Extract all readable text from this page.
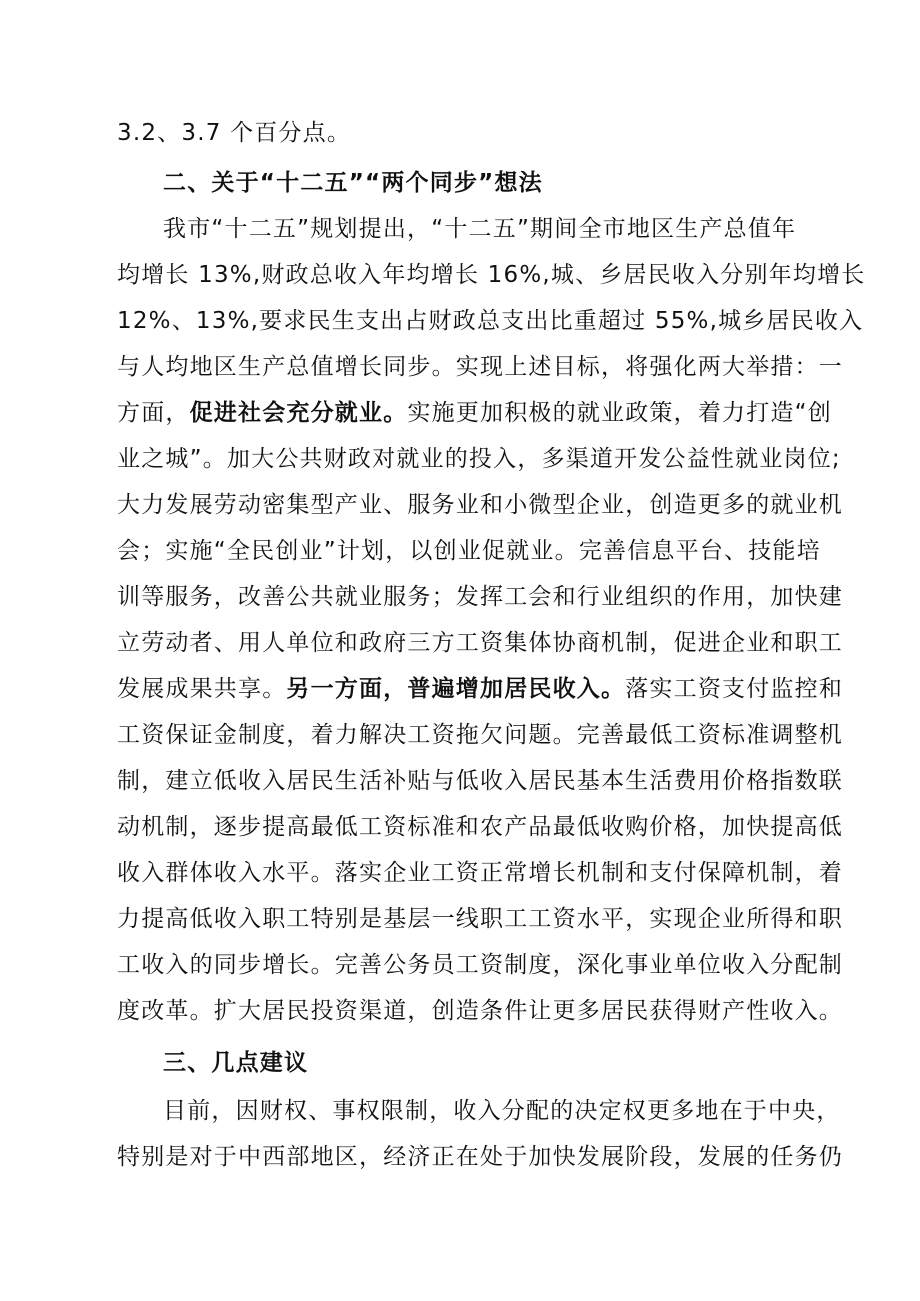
3.2、3.7 个百分点。
二、关于“十二五”“两个同步”想法
我市“十二五”规划提出，“十二五”期间全市地区生产总值年
均增长 13%,财政总收入年均增长 16%,城、乡居民收入分别年均增长
12%、13%,要求民生支出占财政总支出比重超过 55%,城乡居民收入
与人均地区生产总值增长同步。实现上述目标，将强化两大举措：一
方面，促进社会充分就业。实施更加积极的就业政策，着力打造“创
业之城”。加大公共财政对就业的投入，多渠道开发公益性就业岗位;
大力发展劳动密集型产业、服务业和小微型企业，创造更多的就业机
会；实施“全民创业”计划，以创业促就业。完善信息平台、技能培
训等服务，改善公共就业服务；发挥工会和行业组织的作用，加快建
立劳动者、用人单位和政府三方工资集体协商机制，促进企业和职工
发展成果共享。另一方面，普遍增加居民收入。落实工资支付监控和
工资保证金制度，着力解决工资拖欠问题。完善最低工资标准调整机
制，建立低收入居民生活补贴与低收入居民基本生活费用价格指数联
动机制，逐步提高最低工资标准和农产品最低收购价格，加快提高低
收入群体收入水平。落实企业工资正常增长机制和支付保障机制，着
力提高低收入职工特别是基层一线职工工资水平，实现企业所得和职
工收入的同步增长。完善公务员工资制度，深化事业单位收入分配制
度改革。扩大居民投资渠道，创造条件让更多居民获得财产性收入。
三、几点建议
目前，因财权、事权限制，收入分配的决定权更多地在于中央，
特别是对于中西部地区，经济正在处于加快发展阶段，发展的任务仍
